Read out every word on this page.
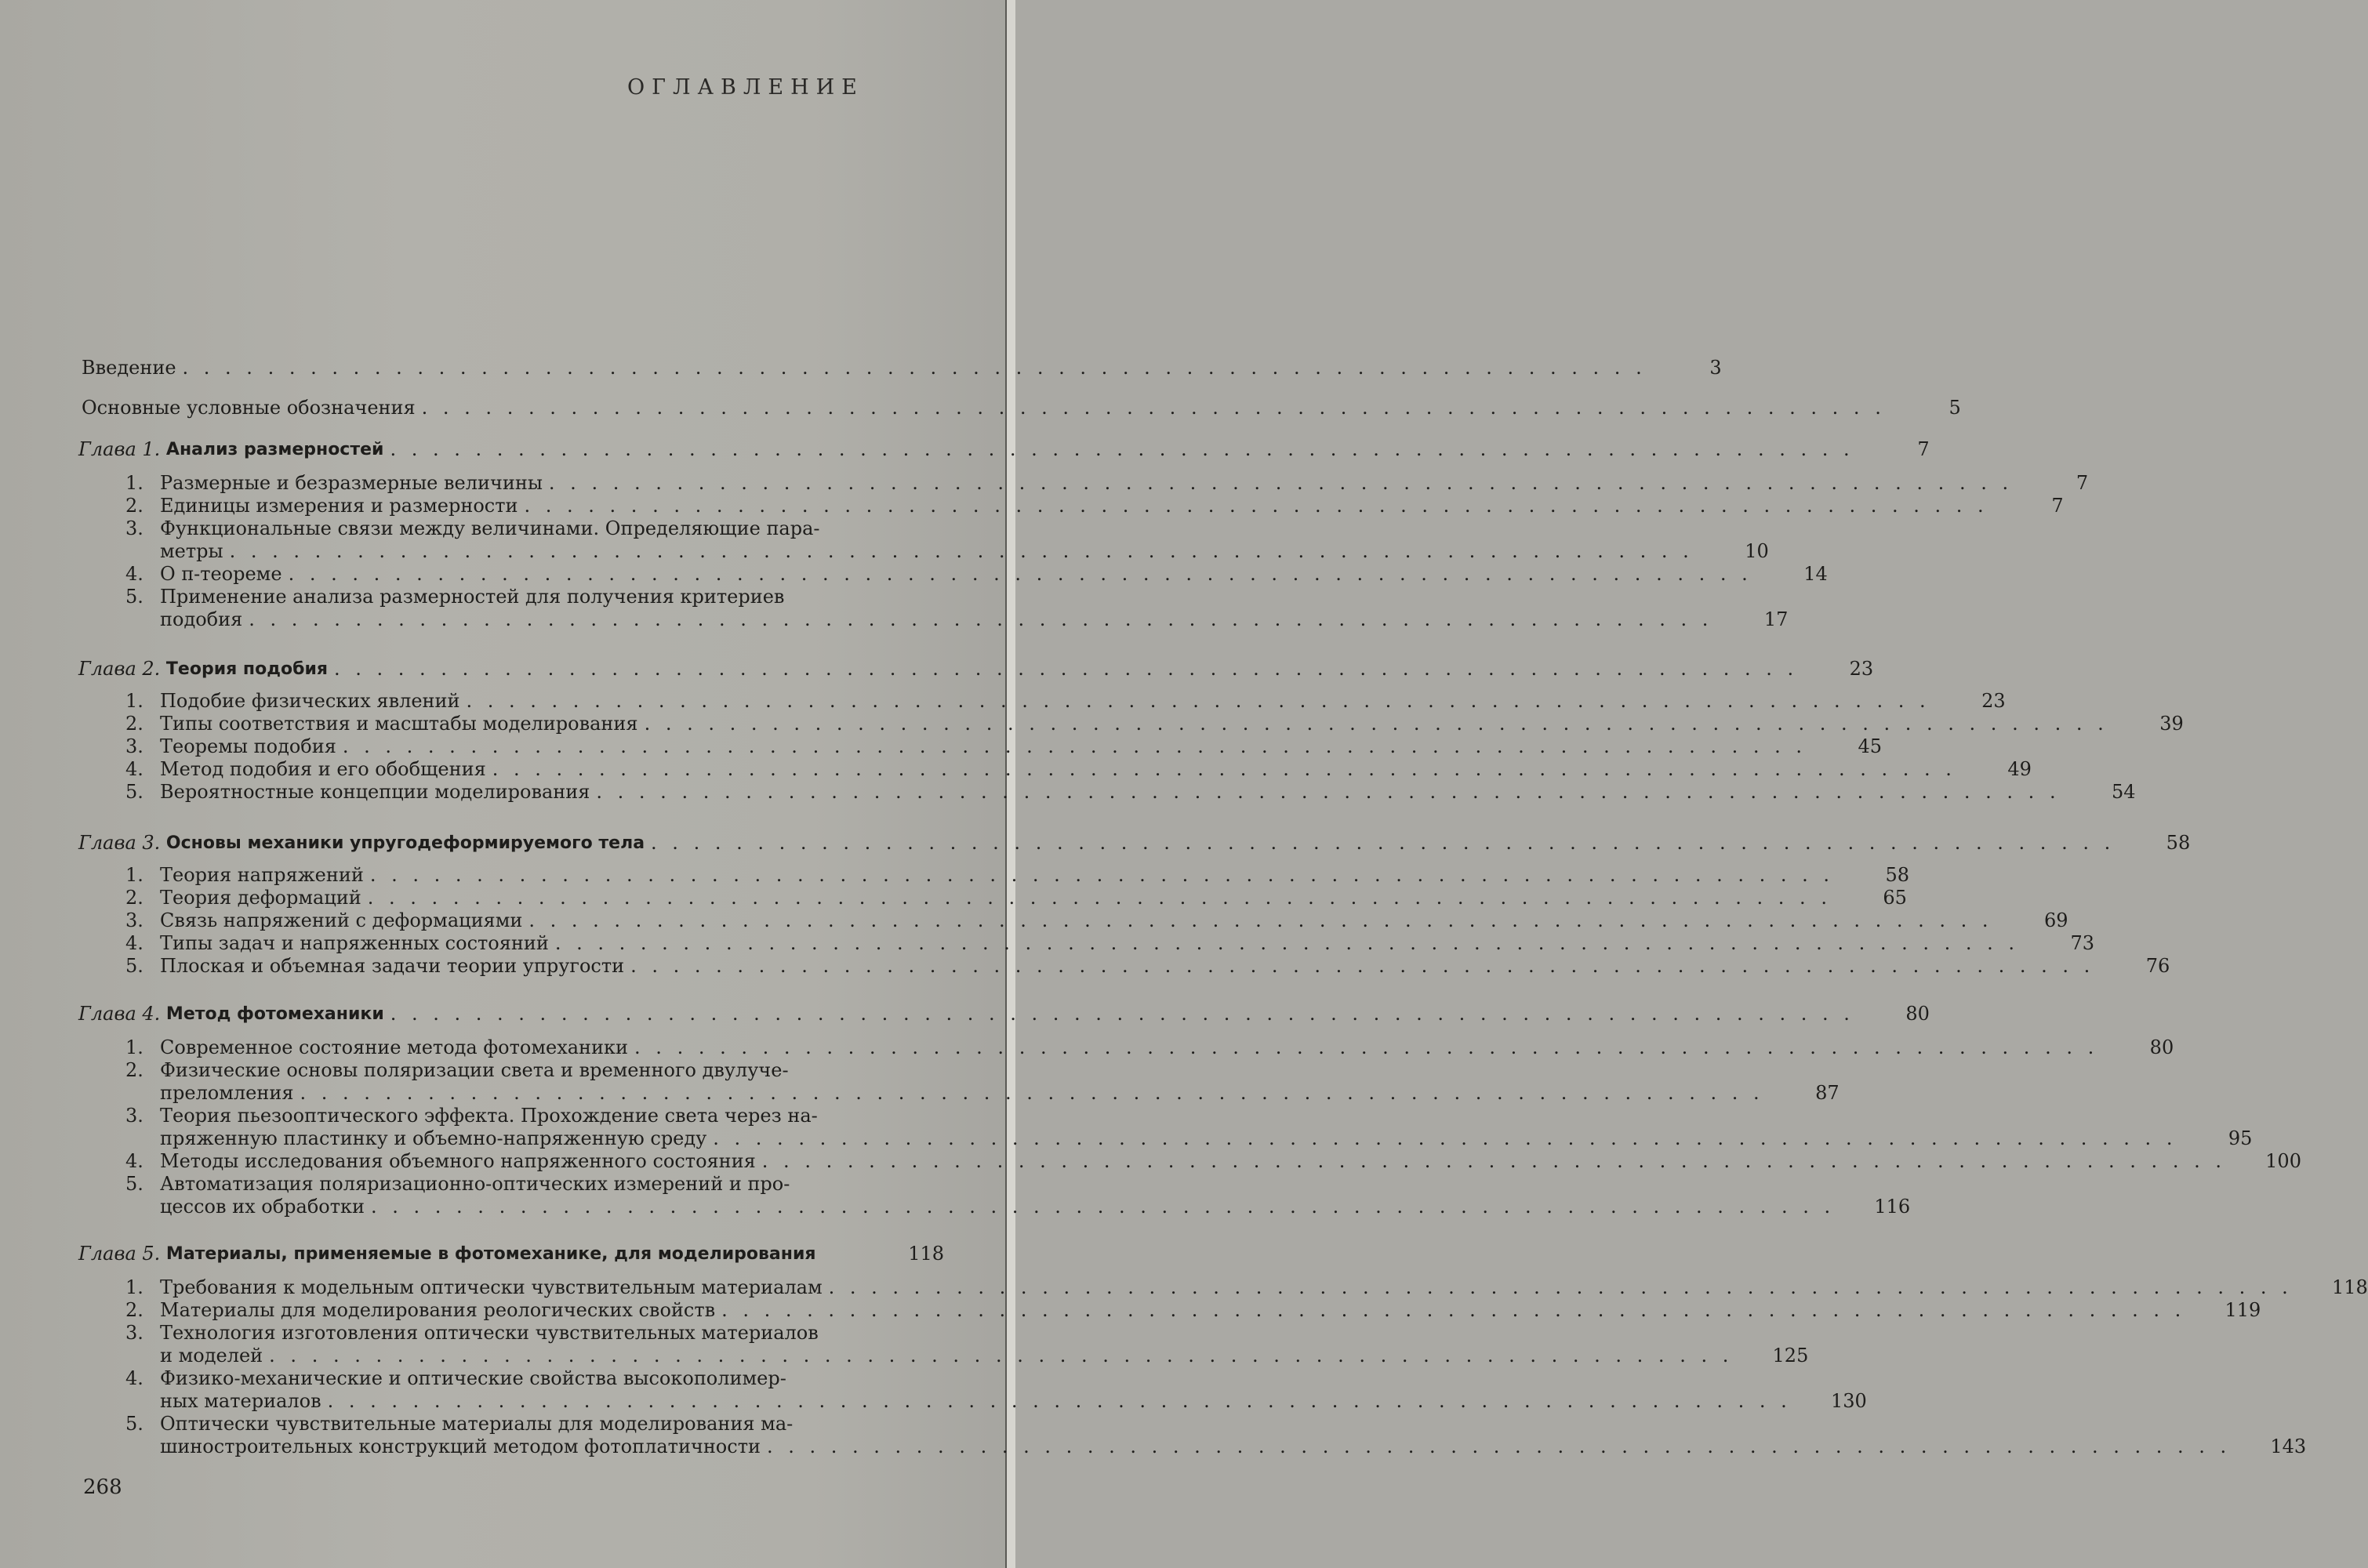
ОГЛАВЛЕНИЕ
Введение . . .	3
Основные условные обозначения . . .	5
Глава 1. Анализ размерностей . . .	7
1. Размерные и безразмерные величины . . .	7
2. Единицы измерения и размерности . . .	7
3. Функциональные связи между величинами. Определяющие пара-
метры . . .	10
4. О π-теореме . . .	14
5. Применение анализа размерностей для получения критериев
подобия . . .	17
Глава 2. Теория подобия . . .	23
1. Подобие физических явлений . . .	23
2. Типы соответствия и масштабы моделирования . . .	39
3. Теоремы подобия . . .	45
4. Метод подобия и его обобщения . . .	49
5. Вероятностные концепции моделирования . . .	54
Глава 3. Основы механики упругодеформируемого тела . . .	58
1. Теория напряжений . . .	58
2. Теория деформаций . . .	65
3. Связь напряжений с деформациями . . .	69
4. Типы задач и напряженных состояний . . .	73
5. Плоская и объемная задачи теории упругости . . .	76
Глава 4. Метод фотомеханики . . .	80
1. Современное состояние метода фотомеханики . . .	80
2. Физические основы поляризации света и временного двулуче-
преломления . . .	87
3. Теория пьезооптического эффекта. Прохождение света через на-
пряженную пластинку и объемно-напряженную среду . . .	95
4. Методы исследования объемного напряженного состояния . . .	100
5. Автоматизация поляризационно-оптических измерений и про-
цессов их обработки . . .	116
Глава 5. Материалы, применяемые в фотомеханике, для моделирования	118
1. Требования к модельным оптически чувствительным материалам . . .	118
2. Материалы для моделирования реологических свойств . . .	119
3. Технология изготовления оптически чувствительных материалов
и моделей . . .	125
4. Физико-механические и оптические свойства высокополимер-
ных материалов . . .	130
5. Оптически чувствительные материалы для моделирования ма-
шиностроительных конструкций методом фотоплатичности . . .	143
268
